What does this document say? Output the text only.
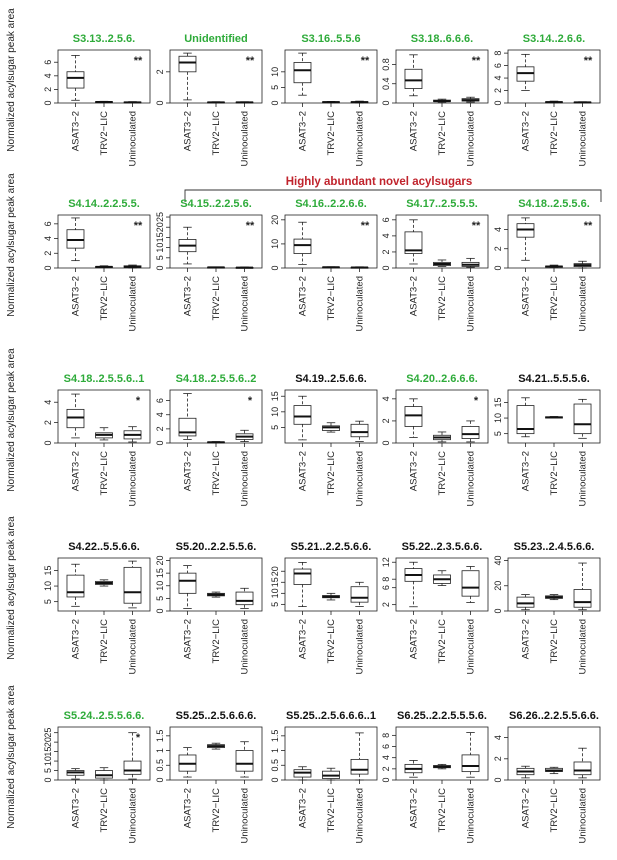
Normalized acylsugar peak area
Normalized acylsugar peak area
Normalized acylsugar peak area
Normalized acylsugar peak area
Normalized acylsugar peak area
Highly abundant novel acylsugars
S3.13..2.5.6.
0
2
4
6
ASAT3−2 TRV2−LIC Uninoculated
**
Unidentified
0
2
ASAT3−2 TRV2−LIC Uninoculated
**
S3.16..5.5.6
0
5
10
ASAT3−2 TRV2−LIC Uninoculated
**
S3.18..6.6.6.
0
0.4
0.8
ASAT3−2 TRV2−LIC Uninoculated
**
S3.14..2.6.6.
0
2
4
6
8
ASAT3−2 TRV2−LIC Uninoculated
**
S4.14..2.2.5.5.
0
2
4
6
ASAT3−2 TRV2−LIC Uninoculated
**
S4.15..2.2.5.6.
0
5
10
15
20
25
ASAT3−2 TRV2−LIC Uninoculated
**
S4.16..2.2.6.6.
0
10
20
ASAT3−2 TRV2−LIC Uninoculated
**
S4.17..2.5.5.5.
0
2
4
6
ASAT3−2 TRV2−LIC Uninoculated
**
S4.18..2.5.5.6.
0
2
4
ASAT3−2 TRV2−LIC Uninoculated
**
S4.18..2.5.5.6..1
0
2
4
ASAT3−2 TRV2−LIC Uninoculated
*
S4.18..2.5.5.6..2
0
2
4
6
ASAT3−2 TRV2−LIC Uninoculated
*
S4.19..2.5.6.6.
5
10
15
ASAT3−2 TRV2−LIC Uninoculated
S4.20..2.6.6.6.
0
2
4
ASAT3−2 TRV2−LIC Uninoculated
*
S4.21..5.5.5.6.
5
10
15
ASAT3−2 TRV2−LIC Uninoculated
S4.22..5.5.6.6.
5
10
15
ASAT3−2 TRV2−LIC Uninoculated
S5.20..2.2.5.5.6.
0
5
10
15
20
ASAT3−2 TRV2−LIC Uninoculated
S5.21..2.2.5.6.6.
5
10
15
20
ASAT3−2 TRV2−LIC Uninoculated
S5.22..2.3.5.6.6.
2
6
8
12
ASAT3−2 TRV2−LIC Uninoculated
S5.23..2.4.5.6.6.
0
20
40
ASAT3−2 TRV2−LIC Uninoculated
S5.24..2.5.5.6.6.
0
5
10
15
20
25
ASAT3−2 TRV2−LIC Uninoculated
*
S5.25..2.5.6.6.6.
0
0.5
1
1.5
ASAT3−2 TRV2−LIC Uninoculated
S5.25..2.5.6.6.6..1
0
0.5
1
1.5
ASAT3−2 TRV2−LIC Uninoculated
S6.25..2.2.5.5.5.6.
0
2
4
6
8
ASAT3−2 TRV2−LIC Uninoculated
S6.26..2.2.5.5.6.6.
0
2
4
ASAT3−2 TRV2−LIC Uninoculated
